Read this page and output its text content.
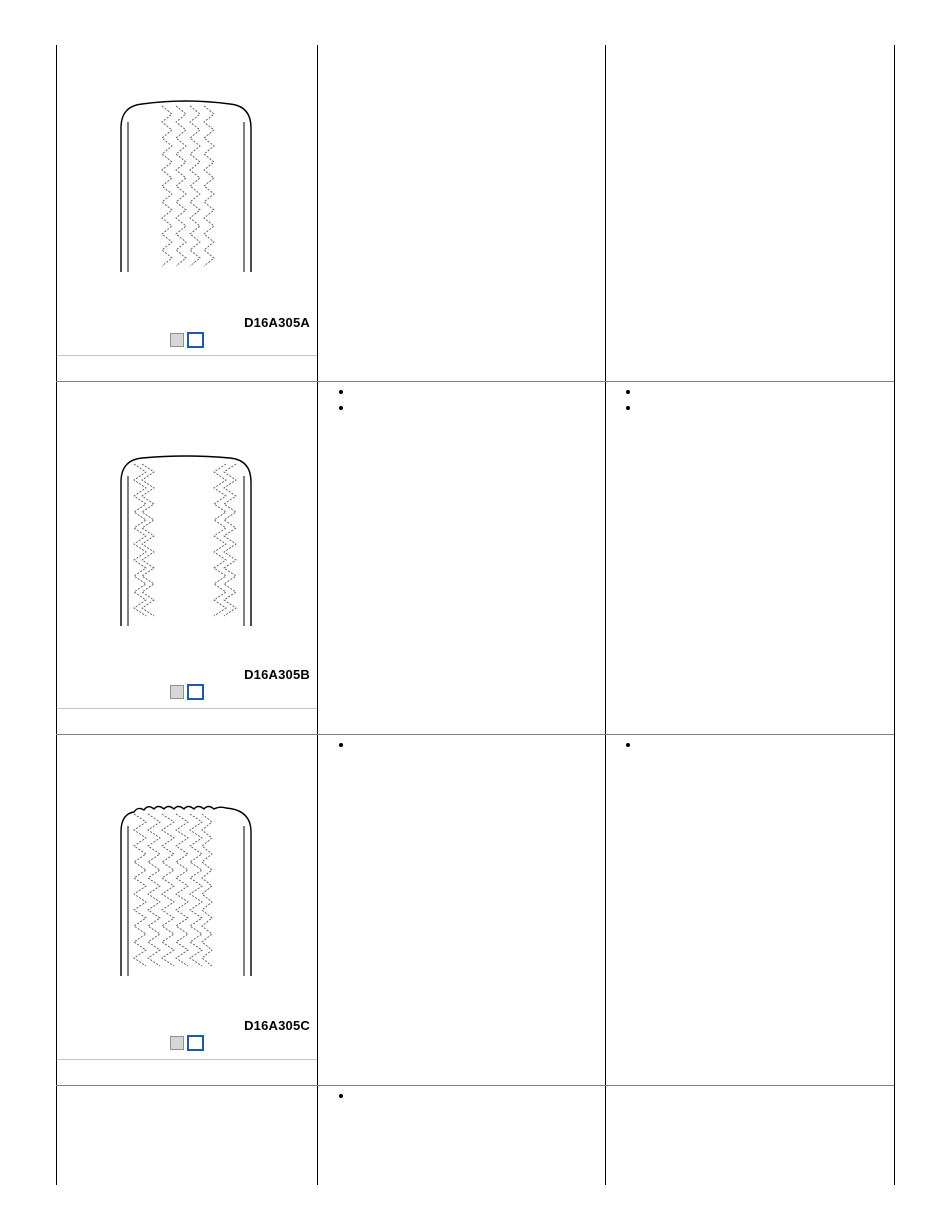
D16A305A
D16A305B
D16A305C
